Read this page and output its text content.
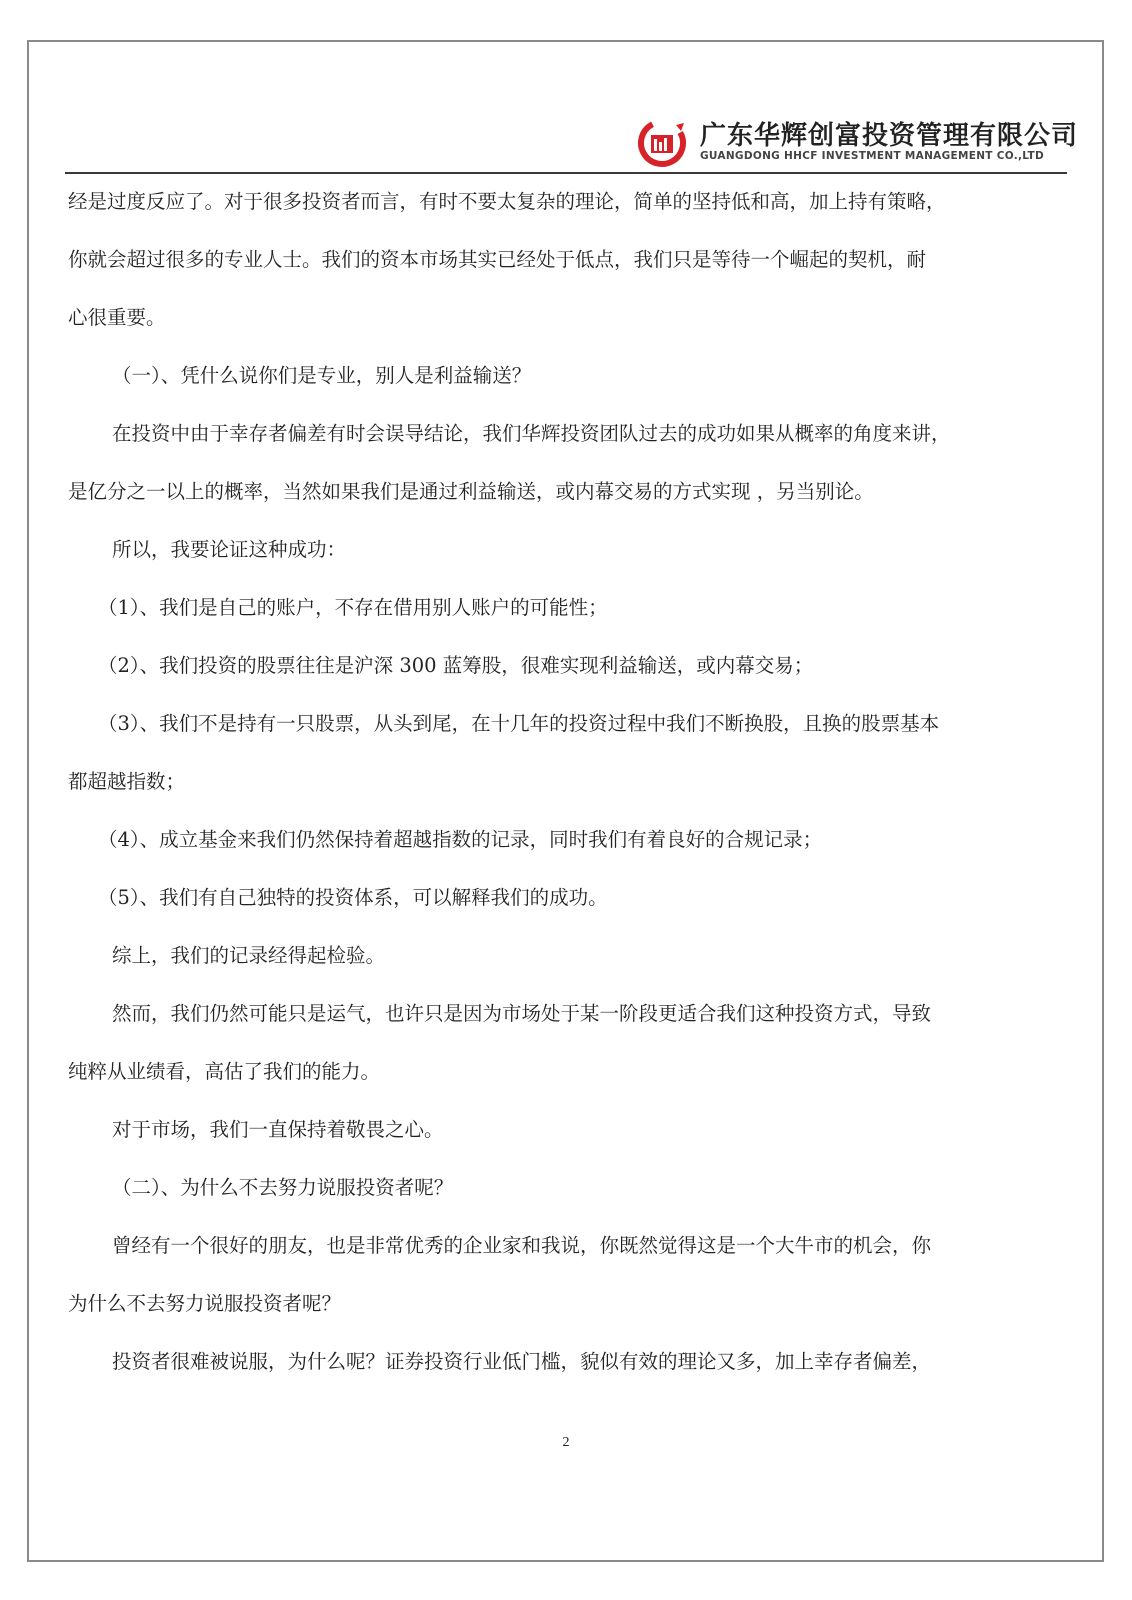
广东华辉创富投资管理有限公司
GUANGDONG HHCF INVESTMENT MANAGEMENT CO.,LTD
经是过度反应了。对于很多投资者而言，有时不要太复杂的理论，简单的坚持低和高，加上持有策略，
你就会超过很多的专业人士。我们的资本市场其实已经处于低点，我们只是等待一个崛起的契机，耐
心很重要。
（一）、凭什么说你们是专业，别人是利益输送？
在投资中由于幸存者偏差有时会误导结论，我们华辉投资团队过去的成功如果从概率的角度来讲，
是亿分之一以上的概率，当然如果我们是通过利益输送，或内幕交易的方式实现 ，另当别论。
所以，我要论证这种成功：
（1）、我们是自己的账户，不存在借用别人账户的可能性；
（2）、我们投资的股票往往是沪深 300 蓝筹股，很难实现利益输送，或内幕交易；
（3）、我们不是持有一只股票，从头到尾，在十几年的投资过程中我们不断换股，且换的股票基本
都超越指数；
（4）、成立基金来我们仍然保持着超越指数的记录，同时我们有着良好的合规记录；
（5）、我们有自己独特的投资体系，可以解释我们的成功。
综上，我们的记录经得起检验。
然而，我们仍然可能只是运气，也许只是因为市场处于某一阶段更适合我们这种投资方式，导致
纯粹从业绩看，高估了我们的能力。
对于市场，我们一直保持着敬畏之心。
（二）、为什么不去努力说服投资者呢？
曾经有一个很好的朋友，也是非常优秀的企业家和我说，你既然觉得这是一个大牛市的机会，你
为什么不去努力说服投资者呢？
投资者很难被说服，为什么呢？证券投资行业低门槛，貌似有效的理论又多，加上幸存者偏差，
2
